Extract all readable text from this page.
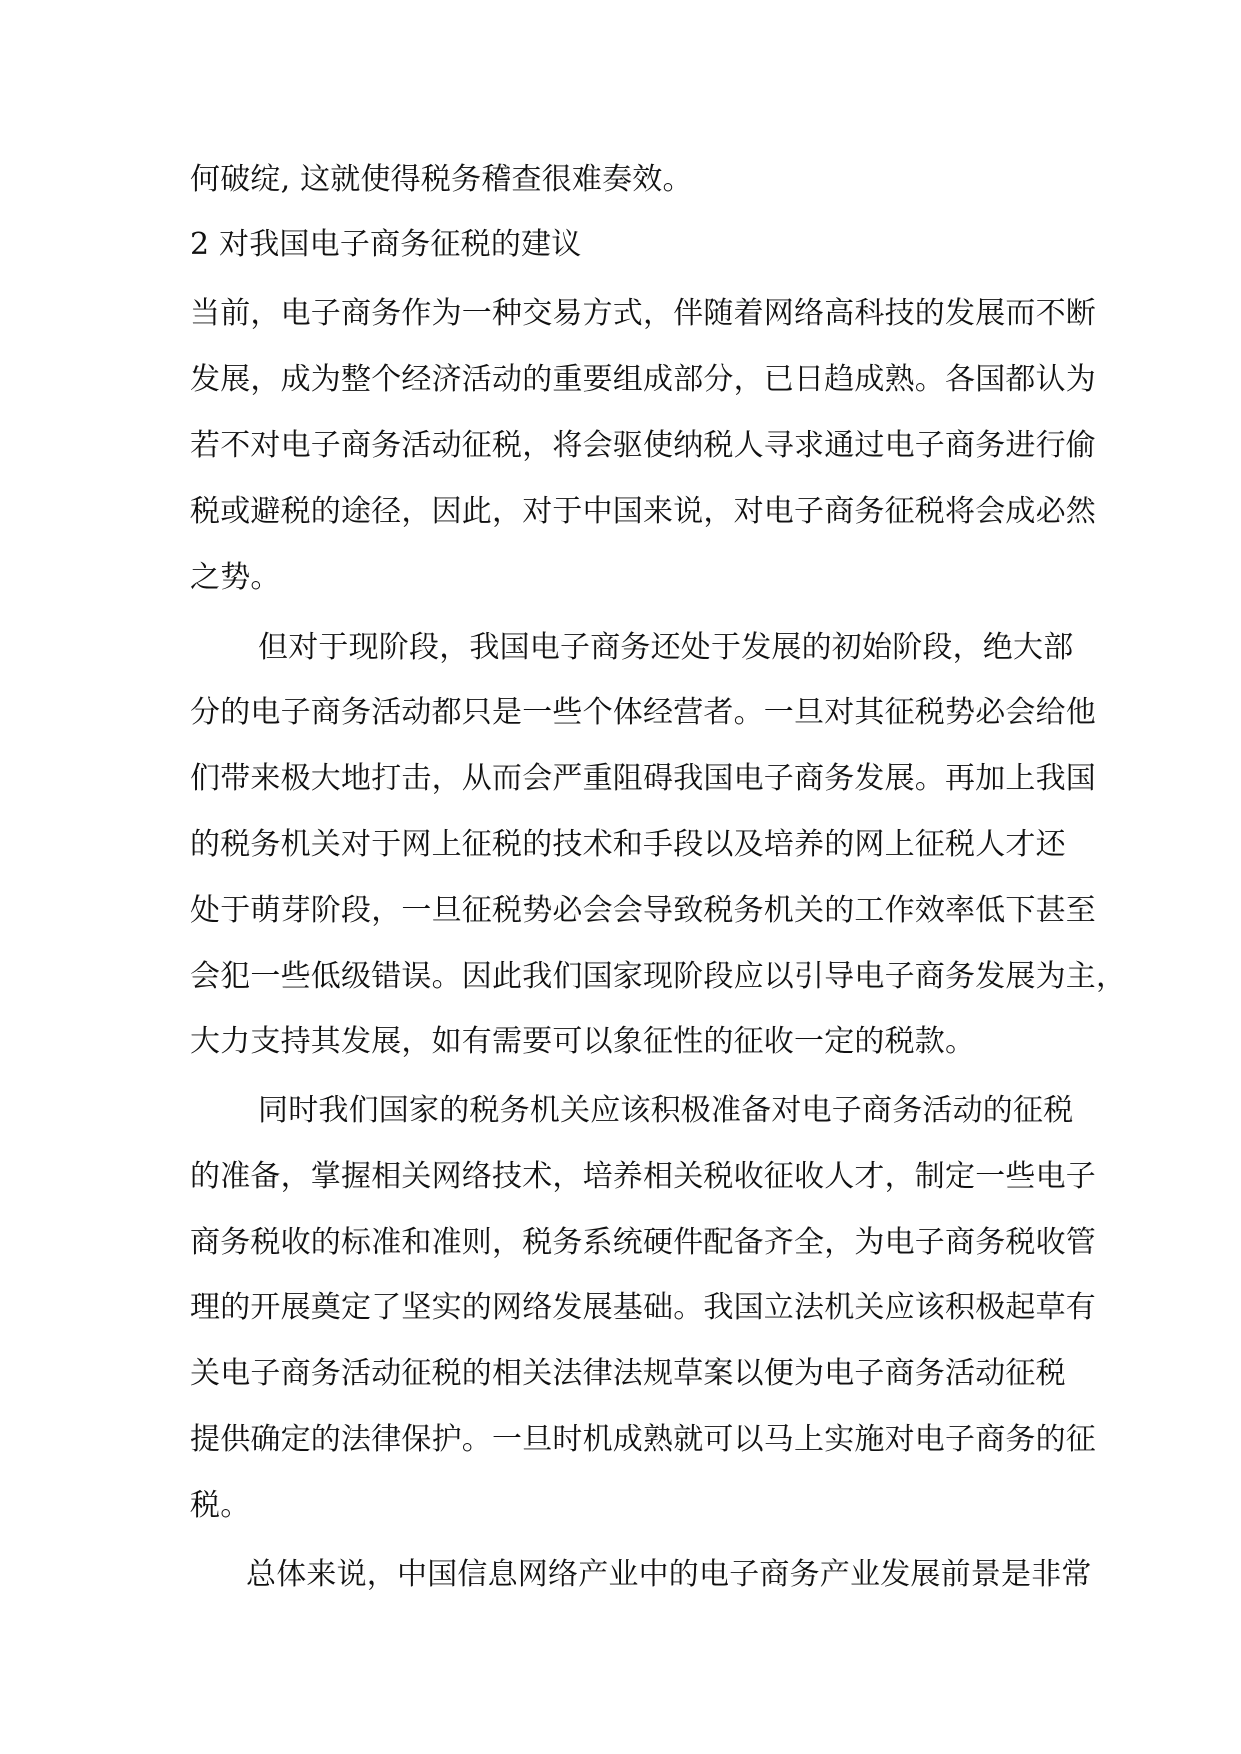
何破绽, 这就使得税务稽查很难奏效。
2 对我国电子商务征税的建议
当前，电子商务作为一种交易方式，伴随着网络高科技的发展而不断
发展，成为整个经济活动的重要组成部分，已日趋成熟。各国都认为
若不对电子商务活动征税，将会驱使纳税人寻求通过电子商务进行偷
税或避税的途径，因此，对于中国来说，对电子商务征税将会成必然
之势。
但对于现阶段，我国电子商务还处于发展的初始阶段，绝大部
分的电子商务活动都只是一些个体经营者。一旦对其征税势必会给他
们带来极大地打击，从而会严重阻碍我国电子商务发展。再加上我国
的税务机关对于网上征税的技术和手段以及培养的网上征税人才还
处于萌芽阶段，一旦征税势必会会导致税务机关的工作效率低下甚至
会犯一些低级错误。因此我们国家现阶段应以引导电子商务发展为主，
大力支持其发展，如有需要可以象征性的征收一定的税款。
同时我们国家的税务机关应该积极准备对电子商务活动的征税
的准备，掌握相关网络技术，培养相关税收征收人才，制定一些电子
商务税收的标准和准则，税务系统硬件配备齐全，为电子商务税收管
理的开展奠定了坚实的网络发展基础。我国立法机关应该积极起草有
关电子商务活动征税的相关法律法规草案以便为电子商务活动征税
提供确定的法律保护。一旦时机成熟就可以马上实施对电子商务的征
税。
总体来说，中国信息网络产业中的电子商务产业发展前景是非常
